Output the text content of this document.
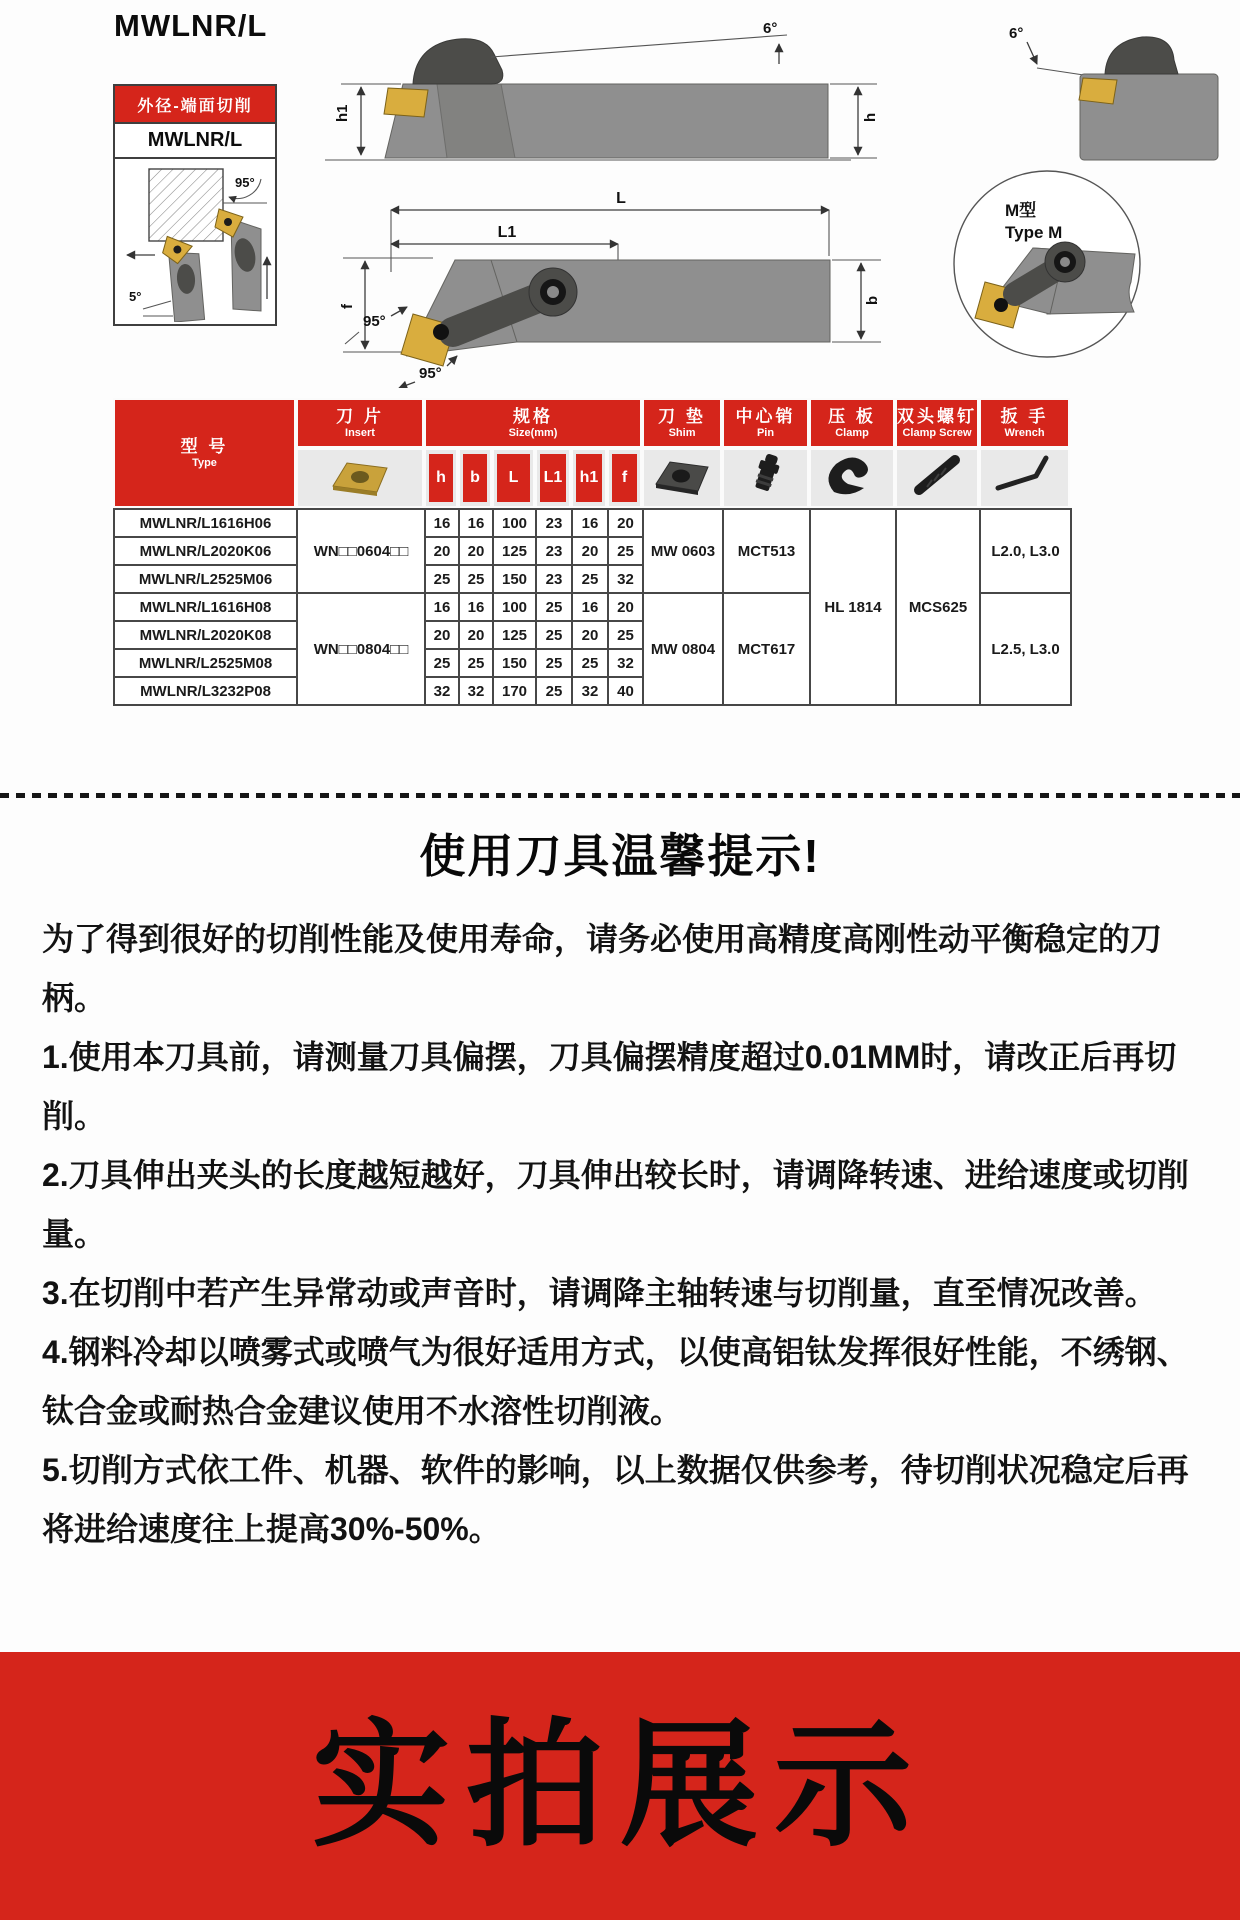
MWLNR/L
外径-端面切削
MWLNR/L
95°
5°
6°
h1	h
L
L1
f
95°
95°
b
6°
M型
Type M
型 号
Type

刀 片
Insert

规格
Size(mm)

刀 垫
Shim

中心销
Pin

压 板
Clamp

双头螺钉
Clamp Screw

扳 手
Wrench

h	b	L	L1	h1	f

MWLNR/L1616H06	WN□□0604□□	16	16	100	23	16	20	MW 0603	MCT513	HL 1814	MCS625	L2.0, L3.0
MWLNR/L2020K06		20	20	125	23	20	25					
MWLNR/L2525M06		25	25	150	23	25	32					
MWLNR/L1616H08	WN□□0804□□	16	16	100	25	16	20	MW 0804	MCT617			L2.5, L3.0
MWLNR/L2020K08		20	20	125	25	20	25					
MWLNR/L2525M08		25	25	150	25	25	32					
MWLNR/L3232P08		32	32	170	25	32	40					
使用刀具温馨提示!

为了得到很好的切削性能及使用寿命，请务必使用高精度高刚性动平衡稳定的刀柄。

1.使用本刀具前，请测量刀具偏摆，刀具偏摆精度超过0.01MM时，请改正后再切削。

2.刀具伸出夹头的长度越短越好，刀具伸出较长时，请调降转速、进给速度或切削量。

3.在切削中若产生异常动或声音时，请调降主轴转速与切削量，直至情况改善。

4.钢料冷却以喷雾式或喷气为很好适用方式，以使高铝钛发挥很好性能，不绣钢、钛合金或耐热合金建议使用不水溶性切削液。

5.切削方式依工件、机器、软件的影响，以上数据仅供参考，待切削状况稳定后再将进给速度往上提高30%-50%。

实拍展示
